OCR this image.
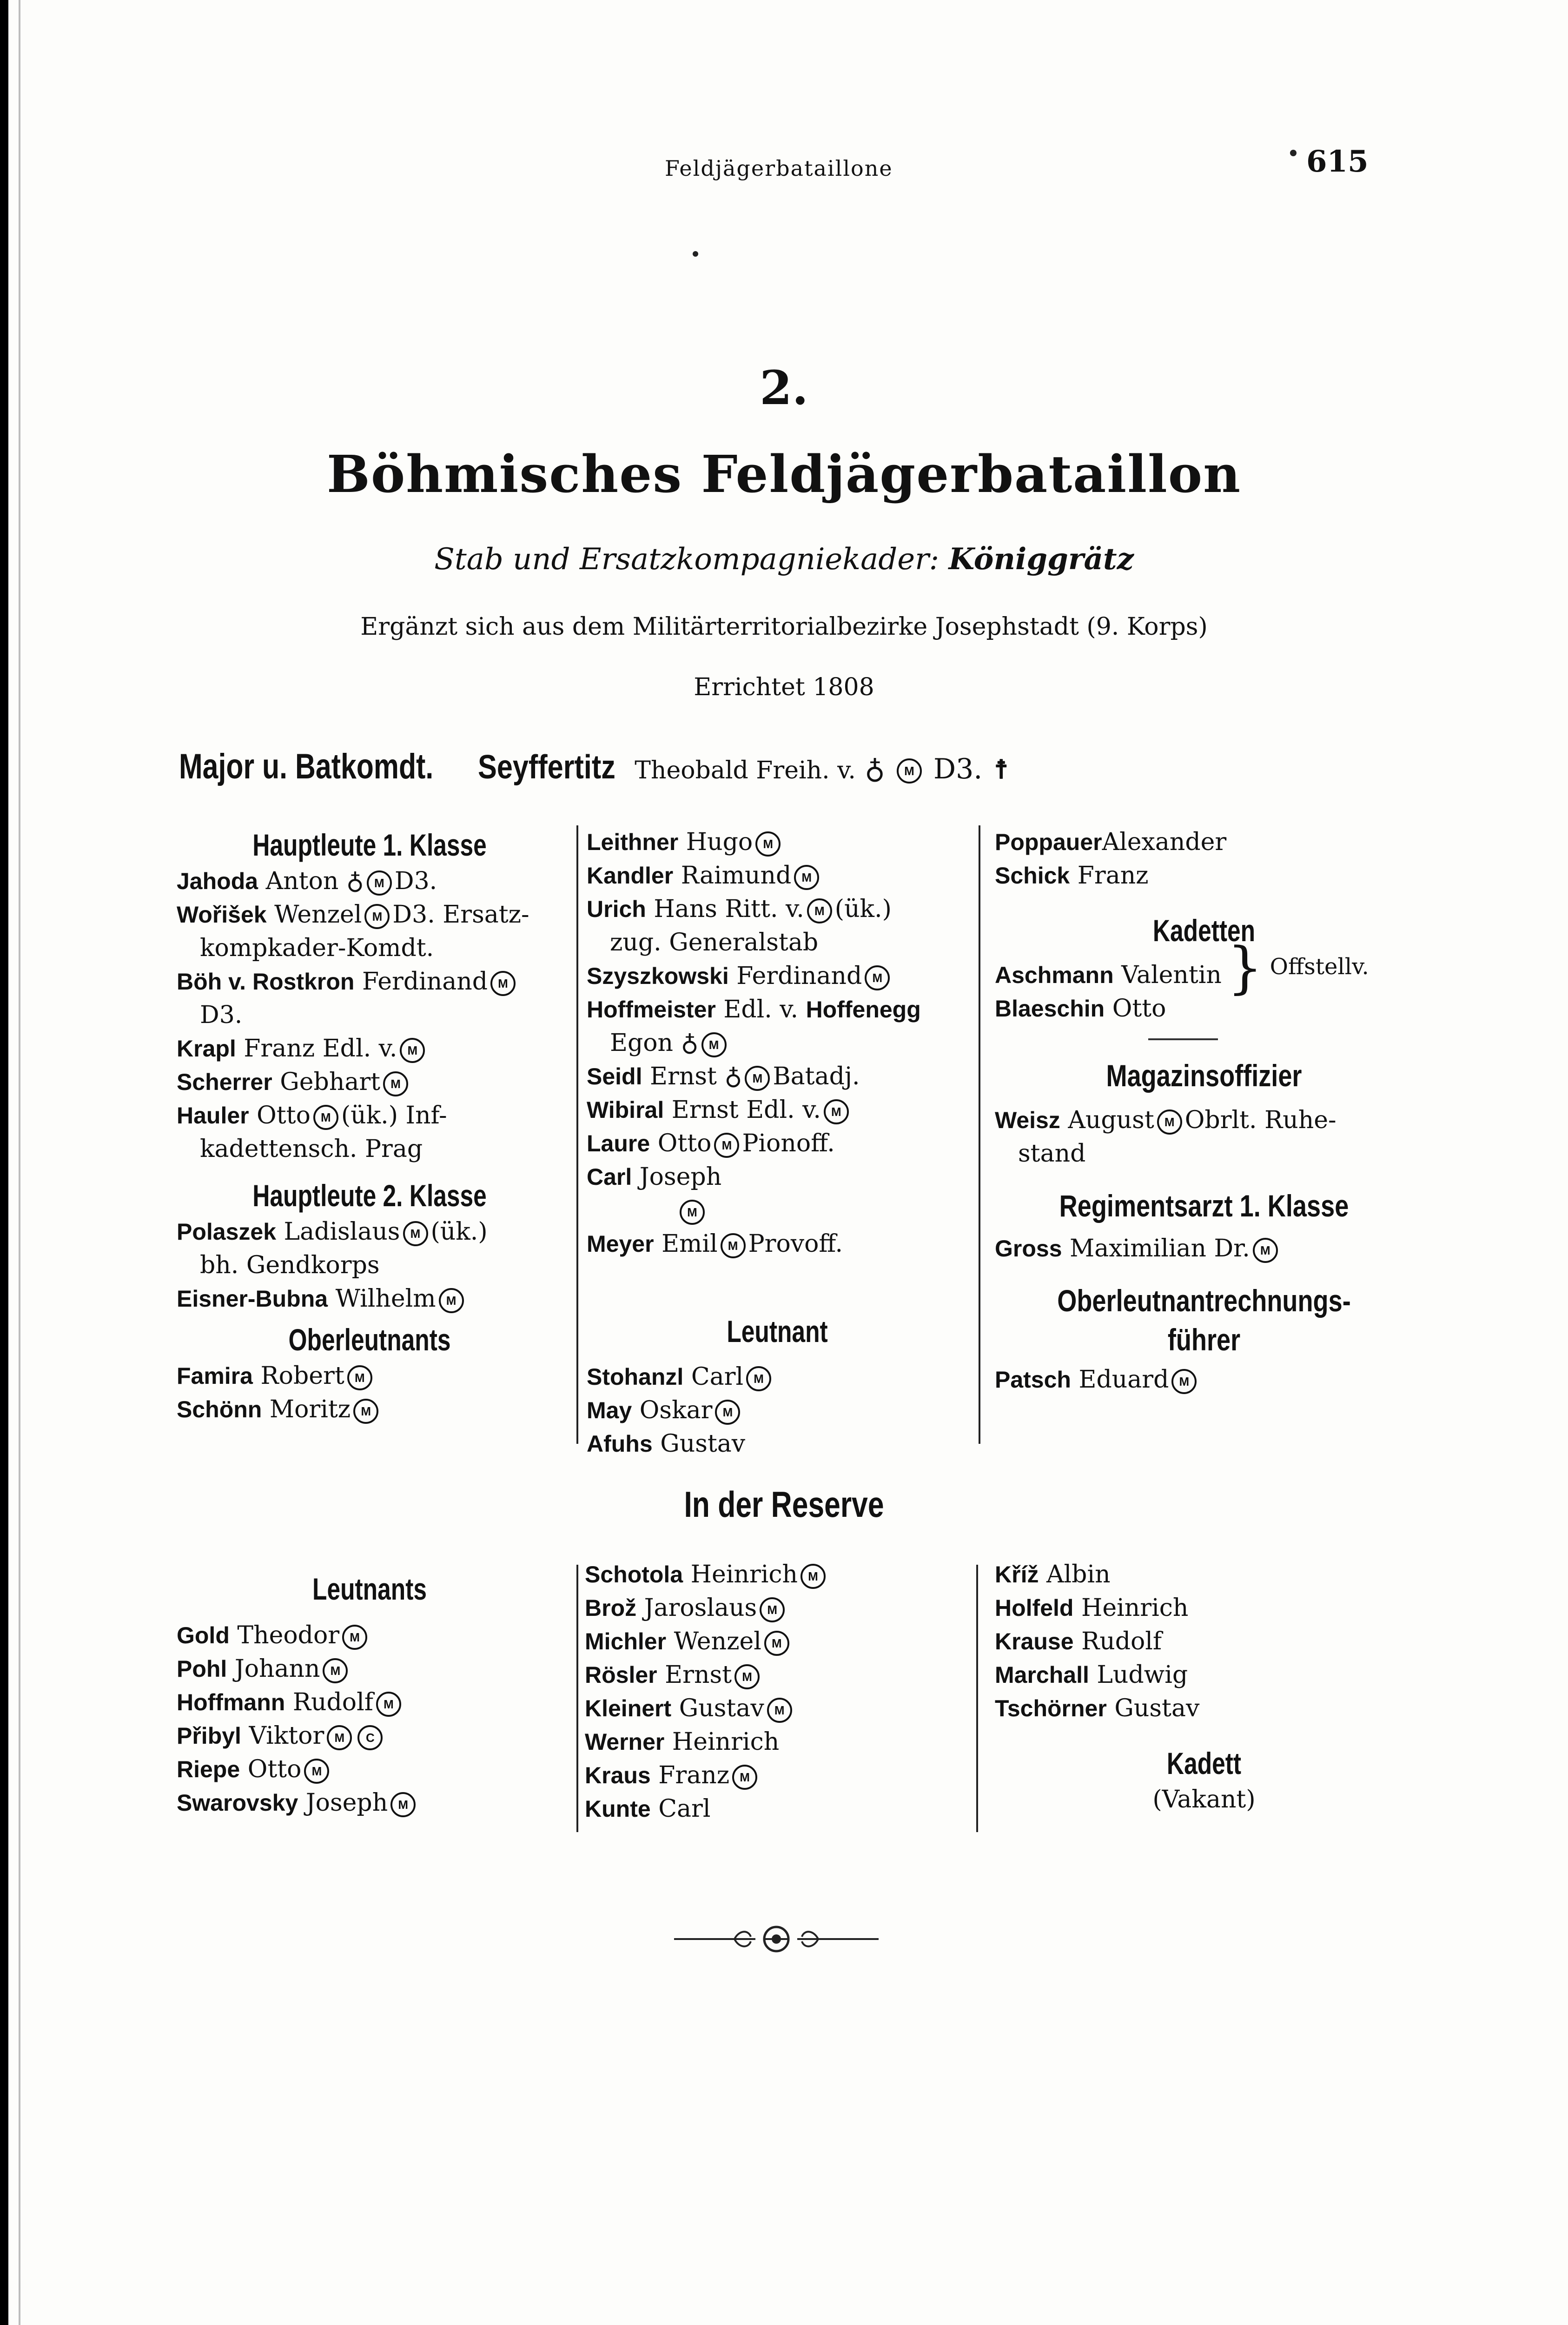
Feldjägerbataillone	615
2.
Böhmisches Feldjägerbataillon
Stab und Ersatzkompagniekader: Königgrätz
Ergänzt sich aus dem Militärterritorialbezirke Josephstadt (9. Korps)
Errichtet 1808
Major u. Batkomdt. Seyffertitz Theobald Freih. v. ♁ M D3. ☨
Hauptleute 1. Klasse
Jahoda Anton ♁ M D3.
Wořišek Wenzel M D3. Ersatz-
kompkader-Komdt.
Böh v. Rostkron Ferdinand M
D3.
Krapl Franz Edl. v. M
Scherrer Gebhart M
Hauler Otto M (ük.) Inf-
kadettensch. Prag
Hauptleute 2. Klasse
Polaszek Ladislaus M (ük.)
bh. Gendkorps
Eisner-Bubna Wilhelm M
Oberleutnants
Famira Robert M
Schönn Moritz M
Leithner Hugo M
Kandler Raimund M
Urich Hans Ritt. v. M (ük.)
zug. Generalstab
Szyszkowski Ferdinand M
Hoffmeister Edl. v. Hoffenegg
Egon ♁ M
Seidl Ernst ♁ M Batadj.
Wibiral Ernst Edl. v. M
Laure Otto M Pionoff.
Carl Joseph
M
Meyer Emil M Provoff.
Leutnant
Stohanzl Carl M
May Oskar M
Afuhs Gustav
PoppauerAlexander
Schick Franz
Kadetten
Aschmann Valentin
Blaeschin Otto
} Offstellv.
Magazinsoffizier
Weisz August M Obrlt. Ruhe-
stand
Regimentsarzt 1. Klasse
Gross Maximilian Dr. M
Oberleutnantrechnungs-
führer
Patsch Eduard M
In der Reserve
Leutnants
Gold Theodor M
Pohl Johann M
Hoffmann Rudolf M
Přibyl Viktor M C
Riepe Otto M
Swarovsky Joseph M
Schotola Heinrich M
Brož Jaroslaus M
Michler Wenzel M
Rösler Ernst M
Kleinert Gustav M
Werner Heinrich
Kraus Franz M
Kunte Carl
Kříž Albin
Holfeld Heinrich
Krause Rudolf
Marchall Ludwig
Tschörner Gustav
Kadett
(Vakant)
